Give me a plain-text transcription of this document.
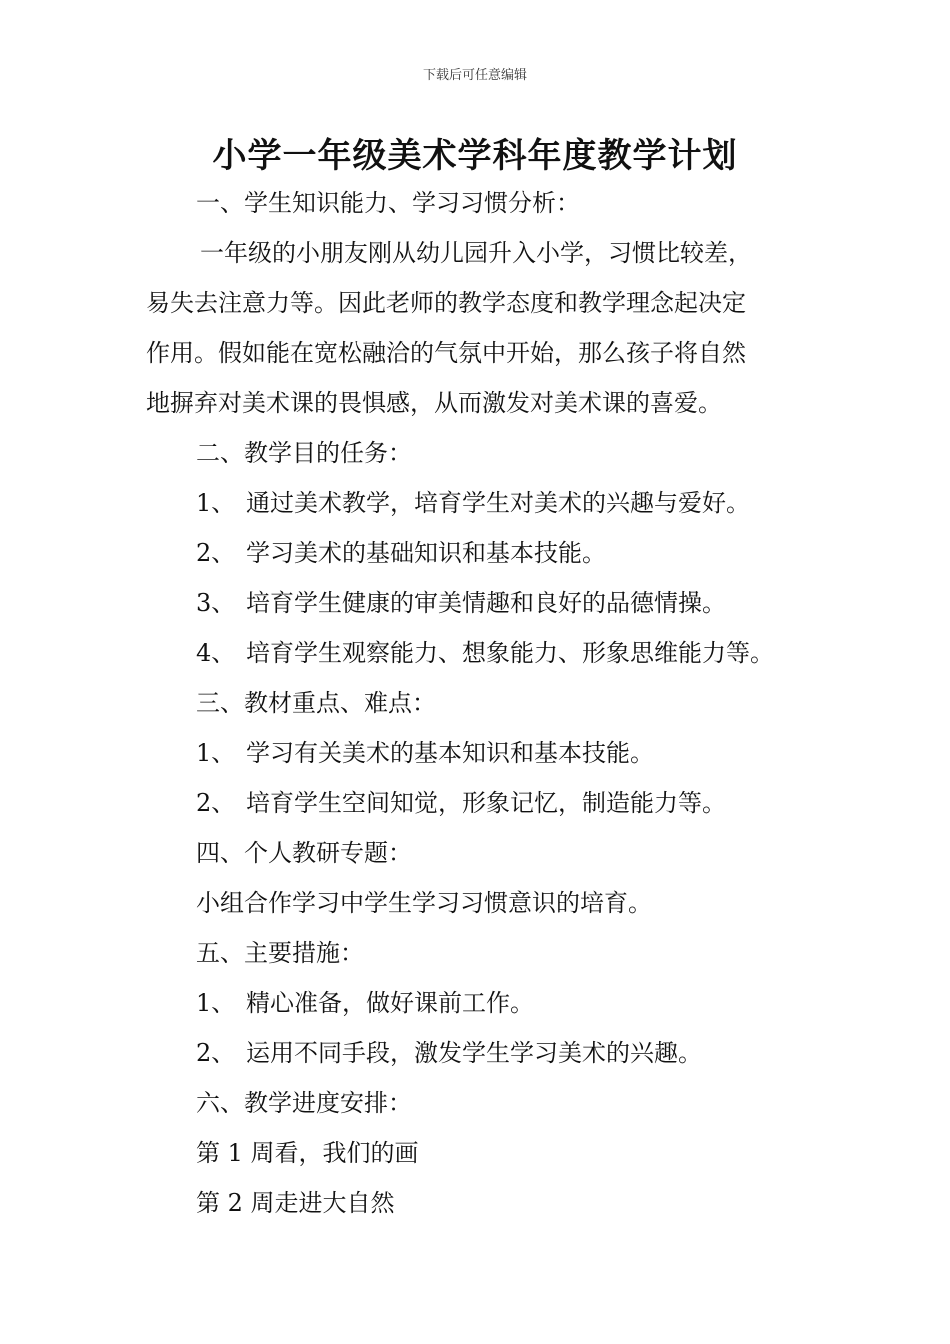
下载后可任意编辑
小学一年级美术学科年度教学计划
一、学生知识能力、学习习惯分析：
一年级的小朋友刚从幼儿园升入小学，习惯比较差，
易失去注意力等。因此老师的教学态度和教学理念起决定
作用。假如能在宽松融洽的气氛中开始，那么孩子将自然
地摒弃对美术课的畏惧感，从而激发对美术课的喜爱。
二、教学目的任务：
1、 通过美术教学，培育学生对美术的兴趣与爱好。
2、 学习美术的基础知识和基本技能。
3、 培育学生健康的审美情趣和良好的品德情操。
4、 培育学生观察能力、想象能力、形象思维能力等。
三、教材重点、难点：
1、 学习有关美术的基本知识和基本技能。
2、 培育学生空间知觉，形象记忆，制造能力等。
四、个人教研专题：
小组合作学习中学生学习习惯意识的培育。
五、主要措施：
1、 精心准备，做好课前工作。
2、 运用不同手段，激发学生学习美术的兴趣。
六、教学进度安排：
第 1 周看，我们的画
第 2 周走进大自然
